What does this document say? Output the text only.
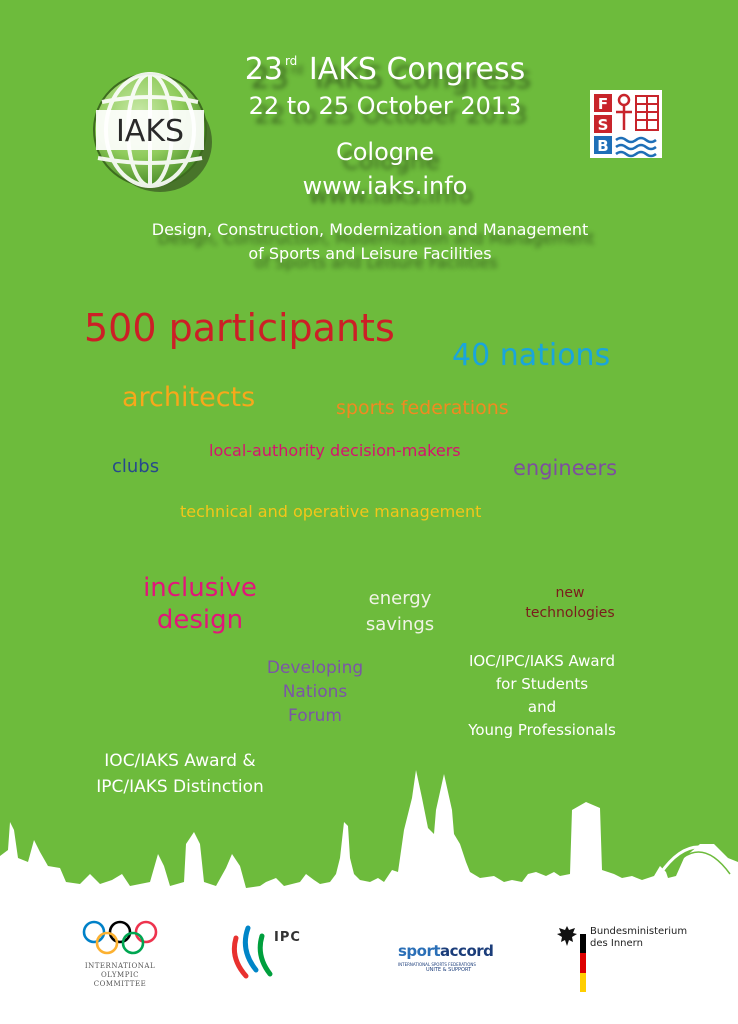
IAKS
23 $^{rd}$ IAKS Congress
22 to 25 October 2013
Cologne
www.iaks.info
F
S
B
Design, Construction, Modernization and Management
of Sports and Leisure Facilities
500 participants
40 nations
architects	sports federations
local-authority decision-makers
clubs	engineers
technical and operative management
inclusive
design
energy
savings
new
technologies
Developing
Nations
Forum
IOC/IPC/IAKS Award
for Students
and
Young Professionals
IOC/IAKS Award &
IPC/IAKS Distinction
INTERNATIONAL
OLYMPIC
COMMITTEE
IPC
sportaccord
INTERNATIONAL SPORTS FEDERATIONS
UNITE & SUPPORT
Bundesministerium
des Innern
